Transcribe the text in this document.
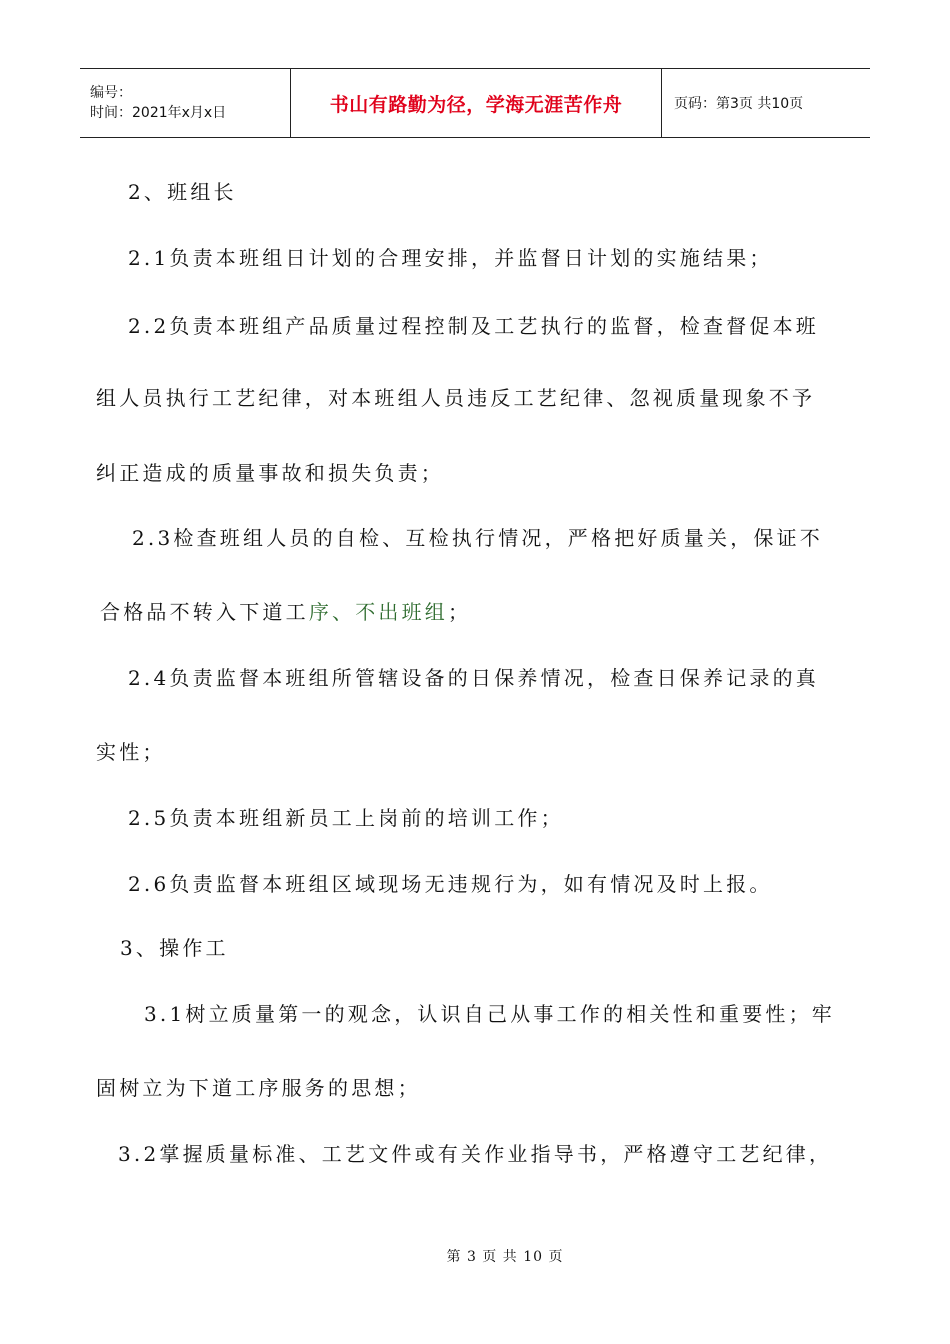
编号：
时间：2021年x月x日	书山有路勤为径，学海无涯苦作舟	页码：第3页 共10页
2、班组长
2.1负责本班组日计划的合理安排，并监督日计划的实施结果；
2.2负责本班组产品质量过程控制及工艺执行的监督，检查督促本班
组人员执行工艺纪律，对本班组人员违反工艺纪律、忽视质量现象不予
纠正造成的质量事故和损失负责；
2.3检查班组人员的自检、互检执行情况，严格把好质量关，保证不
合格品不转入下道工序、不出班组；
2.4负责监督本班组所管辖设备的日保养情况，检查日保养记录的真
实性；
2.5负责本班组新员工上岗前的培训工作；
2.6负责监督本班组区域现场无违规行为，如有情况及时上报。
3、操作工
3.1树立质量第一的观念，认识自己从事工作的相关性和重要性；牢
固树立为下道工序服务的思想；
3.2掌握质量标准、工艺文件或有关作业指导书，严格遵守工艺纪律，
第 3 页 共 10 页
